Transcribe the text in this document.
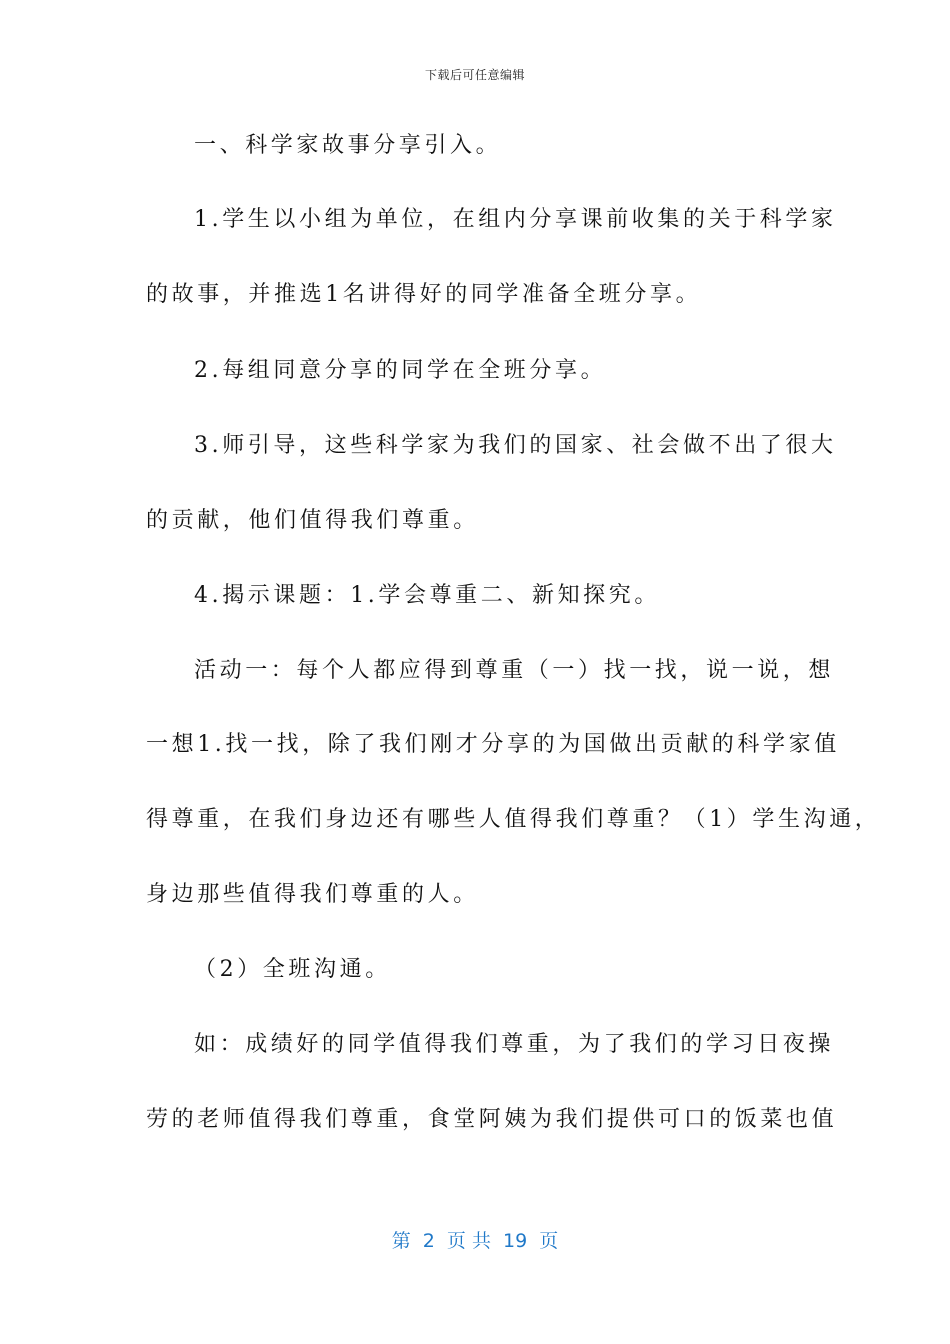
下载后可任意编辑
一、科学家故事分享引入。
1.学生以小组为单位，在组内分享课前收集的关于科学家
的故事，并推选1名讲得好的同学准备全班分享。
2.每组同意分享的同学在全班分享。
3.师引导，这些科学家为我们的国家、社会做不出了很大
的贡献，他们值得我们尊重。
4.揭示课题：1.学会尊重二、新知探究。
活动一：每个人都应得到尊重（一）找一找，说一说，想
一想1.找一找，除了我们刚才分享的为国做出贡献的科学家值
得尊重，在我们身边还有哪些人值得我们尊重？（1）学生沟通，
身边那些值得我们尊重的人。
（2）全班沟通。
如：成绩好的同学值得我们尊重，为了我们的学习日夜操
劳的老师值得我们尊重，食堂阿姨为我们提供可口的饭菜也值
第  2  页 共  19  页
